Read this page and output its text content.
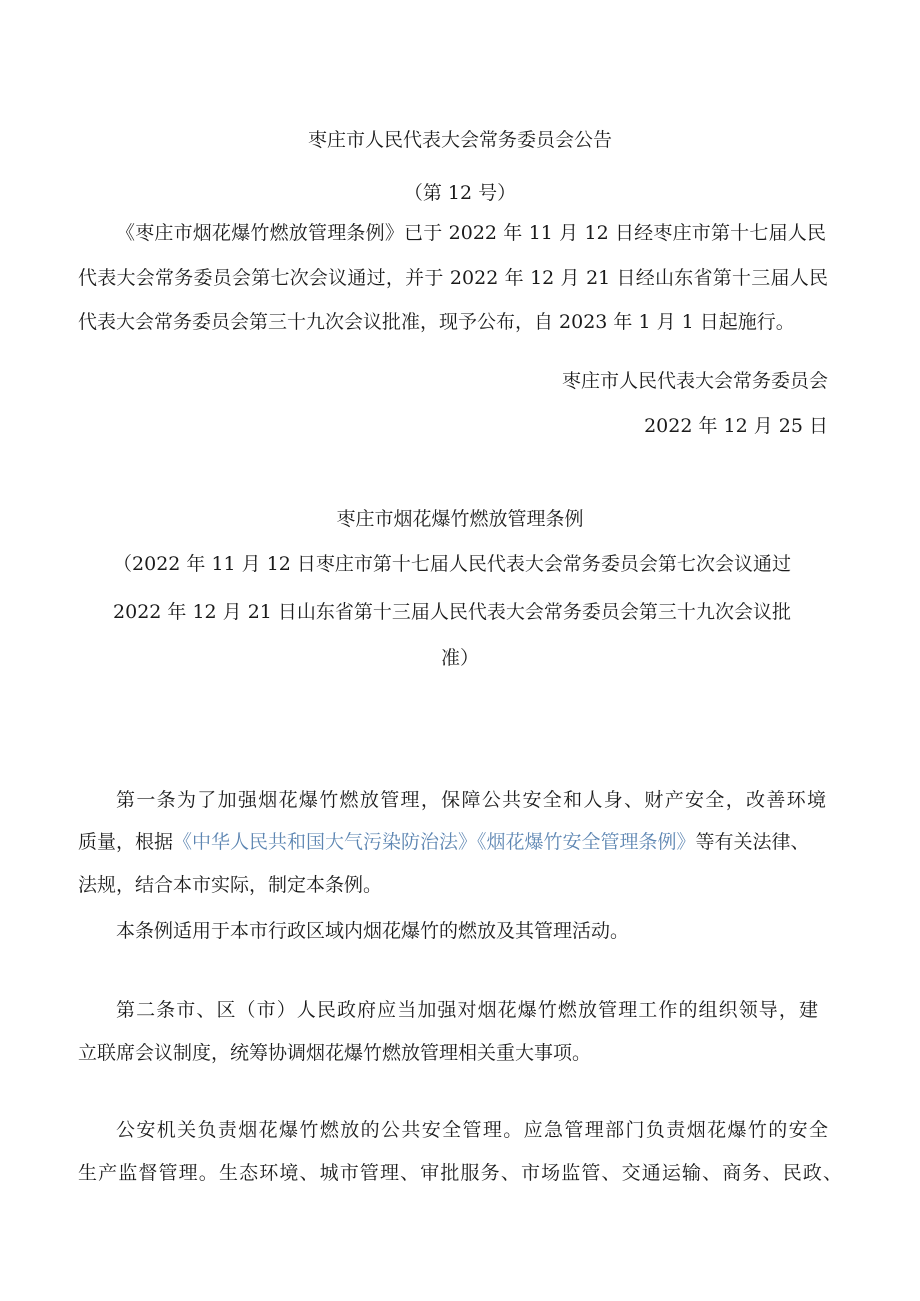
枣庄市人民代表大会常务委员会公告
（第 12 号）
《枣庄市烟花爆竹燃放管理条例》已于 2022 年 11 月 12 日经枣庄市第十七届人民
代表大会常务委员会第七次会议通过，并于 2022 年 12 月 21 日经山东省第十三届人民
代表大会常务委员会第三十九次会议批准，现予公布，自 2023 年 1 月 1 日起施行。
枣庄市人民代表大会常务委员会
2022 年 12 月 25 日
枣庄市烟花爆竹燃放管理条例
（2022 年 11 月 12 日枣庄市第十七届人民代表大会常务委员会第七次会议通过
2022 年 12 月 21 日山东省第十三届人民代表大会常务委员会第三十九次会议批
准）
第一条为了加强烟花爆竹燃放管理，保障公共安全和人身、财产安全，改善环境
质量，根据《中华人民共和国大气污染防治法》《烟花爆竹安全管理条例》等有关法律、
法规，结合本市实际，制定本条例。
本条例适用于本市行政区域内烟花爆竹的燃放及其管理活动。
第二条市、区（市）人民政府应当加强对烟花爆竹燃放管理工作的组织领导，建
立联席会议制度，统筹协调烟花爆竹燃放管理相关重大事项。
公安机关负责烟花爆竹燃放的公共安全管理。应急管理部门负责烟花爆竹的安全
生产监督管理。生态环境、城市管理、审批服务、市场监管、交通运输、商务、民政、
